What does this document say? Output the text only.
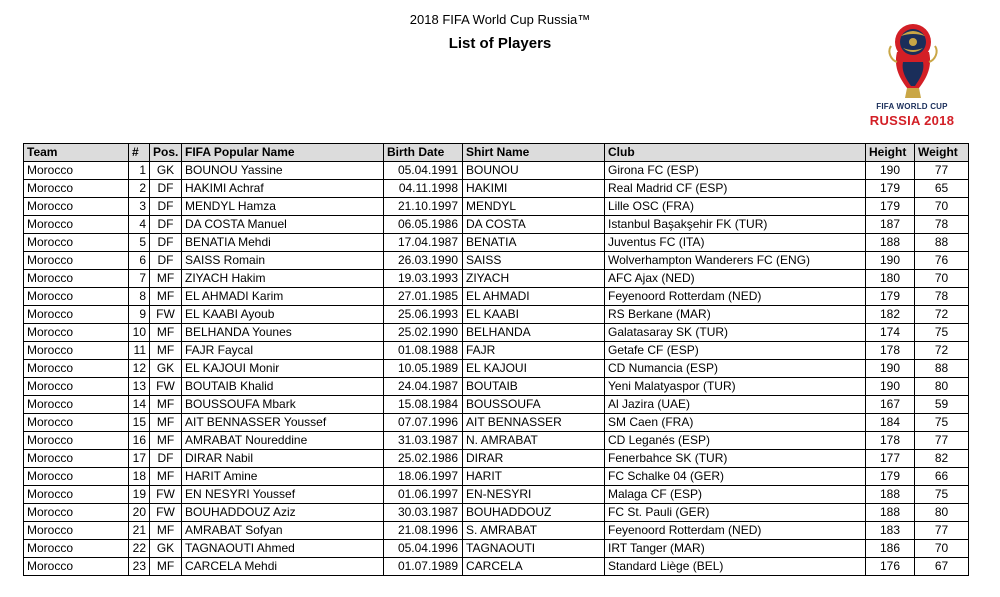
2018 FIFA World Cup Russia™
List of Players
FIFA WORLD CUP
RUSSIA 2018
Team	#	Pos.	FIFA Popular Name	Birth Date	Shirt Name	Club	Height	Weight
Morocco	1	GK	BOUNOU Yassine	05.04.1991	BOUNOU	Girona FC (ESP)	190	77
Morocco	2	DF	HAKIMI Achraf	04.11.1998	HAKIMI	Real Madrid CF (ESP)	179	65
Morocco	3	DF	MENDYL Hamza	21.10.1997	MENDYL	Lille OSC (FRA)	179	70
Morocco	4	DF	DA COSTA Manuel	06.05.1986	DA COSTA	Istanbul Başakşehir FK (TUR)	187	78
Morocco	5	DF	BENATIA Mehdi	17.04.1987	BENATIA	Juventus FC (ITA)	188	88
Morocco	6	DF	SAISS Romain	26.03.1990	SAISS	Wolverhampton Wanderers FC (ENG)	190	76
Morocco	7	MF	ZIYACH Hakim	19.03.1993	ZIYACH	AFC Ajax (NED)	180	70
Morocco	8	MF	EL AHMADI Karim	27.01.1985	EL AHMADI	Feyenoord Rotterdam (NED)	179	78
Morocco	9	FW	EL KAABI Ayoub	25.06.1993	EL KAABI	RS Berkane (MAR)	182	72
Morocco	10	MF	BELHANDA Younes	25.02.1990	BELHANDA	Galatasaray SK (TUR)	174	75
Morocco	11	MF	FAJR Faycal	01.08.1988	FAJR	Getafe CF (ESP)	178	72
Morocco	12	GK	EL KAJOUI Monir	10.05.1989	EL KAJOUI	CD Numancia (ESP)	190	88
Morocco	13	FW	BOUTAIB Khalid	24.04.1987	BOUTAIB	Yeni Malatyaspor (TUR)	190	80
Morocco	14	MF	BOUSSOUFA Mbark	15.08.1984	BOUSSOUFA	Al Jazira (UAE)	167	59
Morocco	15	MF	AIT BENNASSER Youssef	07.07.1996	AIT BENNASSER	SM Caen (FRA)	184	75
Morocco	16	MF	AMRABAT Noureddine	31.03.1987	N. AMRABAT	CD Leganés (ESP)	178	77
Morocco	17	DF	DIRAR Nabil	25.02.1986	DIRAR	Fenerbahce SK (TUR)	177	82
Morocco	18	MF	HARIT Amine	18.06.1997	HARIT	FC Schalke 04 (GER)	179	66
Morocco	19	FW	EN NESYRI Youssef	01.06.1997	EN-NESYRI	Malaga CF (ESP)	188	75
Morocco	20	FW	BOUHADDOUZ Aziz	30.03.1987	BOUHADDOUZ	FC St. Pauli (GER)	188	80
Morocco	21	MF	AMRABAT Sofyan	21.08.1996	S. AMRABAT	Feyenoord Rotterdam (NED)	183	77
Morocco	22	GK	TAGNAOUTI Ahmed	05.04.1996	TAGNAOUTI	IRT Tanger (MAR)	186	70
Morocco	23	MF	CARCELA Mehdi	01.07.1989	CARCELA	Standard Liège (BEL)	176	67
